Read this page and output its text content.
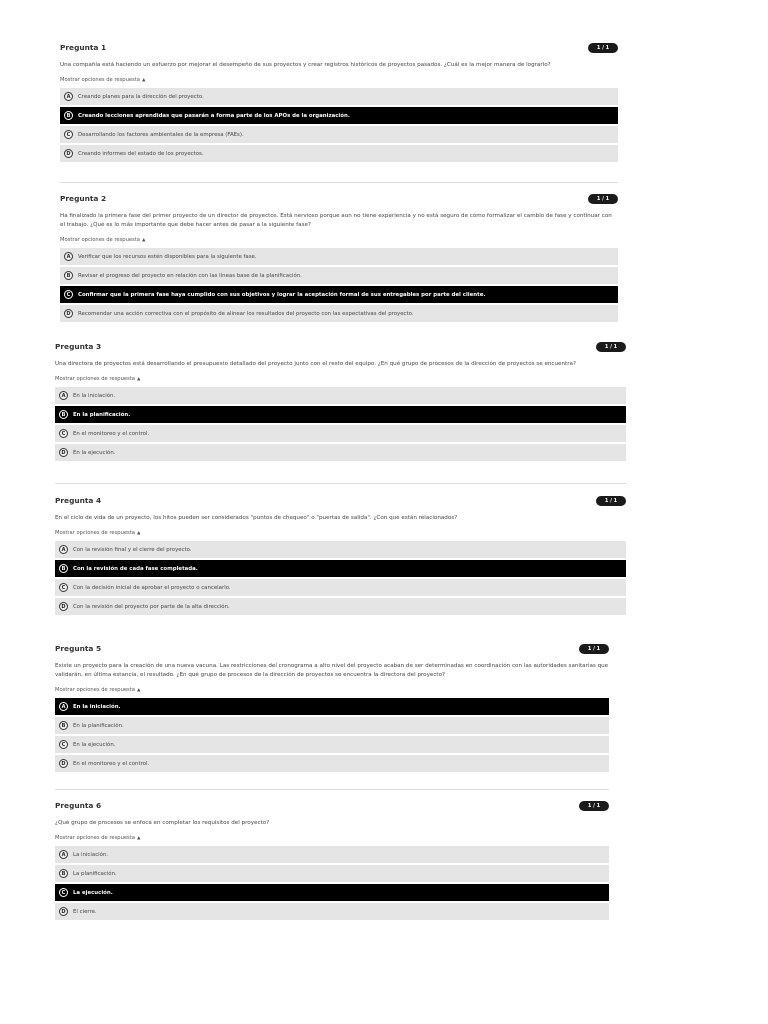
Pregunta 1	1 / 1
Una compañía está haciendo un esfuerzo por mejorar el desempeño de sus proyectos y crear registros históricos de proyectos pasados. ¿Cuál es la mejor manera de lograrlo?
Mostrar opciones de respuesta ▲
A	Creando planes para la dirección del proyecto.
B	Creando lecciones aprendidas que pasarán a forma parte de los APOs de la organización.
C	Desarrollando los factores ambientales de la empresa (FAEs).
D	Creando informes del estado de los proyectos.
Pregunta 2	1 / 1
Ha finalizado la primera fase del primer proyecto de un director de proyectos. Está nervioso porque aun no tiene experiencia y no está seguro de cómo formalizar el cambio de fase y continuar con el trabajo. ¿Qué es lo más importante que debe hacer antes de pasar a la siguiente fase?
Mostrar opciones de respuesta ▲
A	Verificar que los recursos estén disponibles para la siguiente fase.
B	Revisar el progreso del proyecto en relación con las líneas base de la planificación.
C	Confirmar que la primera fase haya cumplido con sus objetivos y lograr la aceptación formal de sus entregables por parte del cliente.
D	Recomendar una acción correctiva con el propósito de alinear los resultados del proyecto con las expectativas del proyecto.
Pregunta 3	1 / 1
Una directora de proyectos está desarrollando el presupuesto detallado del proyecto junto con el resto del equipo. ¿En qué grupo de procesos de la dirección de proyectos se encuentra?
Mostrar opciones de respuesta ▲
A	En la iniciación.
B	En la planificación.
C	En el monitoreo y el control.
D	En la ejecución.
Pregunta 4	1 / 1
En el ciclo de vida de un proyecto, los hitos pueden ser considerados "puntos de chequeo" o "puertas de salida". ¿Con qué están relacionados?
Mostrar opciones de respuesta ▲
A	Con la revisión final y el cierre del proyecto.
B	Con la revisión de cada fase completada.
C	Con la decisión inicial de aprobar el proyecto o cancelarlo.
D	Con la revisión del proyecto por parte de la alta dirección.
Pregunta 5	1 / 1
Existe un proyecto para la creación de una nueva vacuna. Las restricciones del cronograma a alto nivel del proyecto acaban de ser determinadas en coordinación con las autoridades sanitarias que validarán, en última estancia, el resultado. ¿En qué grupo de procesos de la dirección de proyectos se encuentra la directora del proyecto?
Mostrar opciones de respuesta ▲
A	En la iniciación.
B	En la planificación.
C	En la ejecución.
D	En el monitoreo y el control.
Pregunta 6	1 / 1
¿Qué grupo de procesos se enfoca en completar los requisitos del proyecto?
Mostrar opciones de respuesta ▲
A	La iniciación.
B	La planificación.
C	La ejecución.
D	El cierre.
